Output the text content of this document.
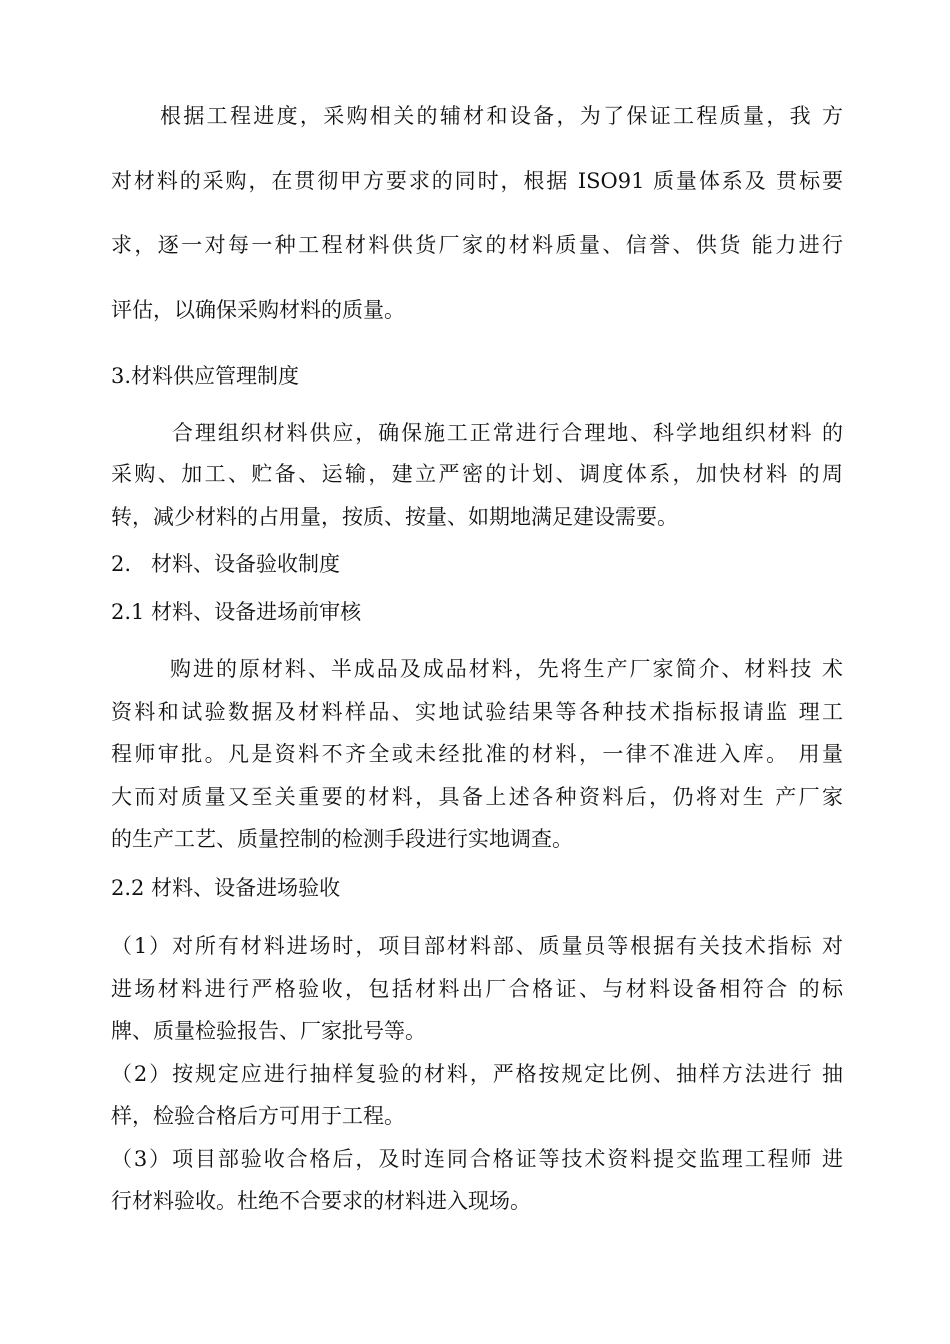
根据工程进度，采购相关的辅材和设备，为了保证工程质量，我 方
对材料的采购，在贯彻甲方要求的同时，根据 ISO91 质量体系及 贯标要
求，逐一对每一种工程材料供货厂家的材料质量、信誉、供货 能力进行
评估，以确保采购材料的质量。
3.材料供应管理制度
合理组织材料供应，确保施工正常进行合理地、科学地组织材料 的
采购、加工、贮备、运输，建立严密的计划、调度体系，加快材料 的周
转，减少材料的占用量，按质、按量、如期地满足建设需要。
2.   材料、设备验收制度
2.1 材料、设备进场前审核
购进的原材料、半成品及成品材料，先将生产厂家简介、材料技 术
资料和试验数据及材料样品、实地试验结果等各种技术指标报请监 理工
程师审批。凡是资料不齐全或未经批准的材料，一律不准进入库。 用量
大而对质量又至关重要的材料，具备上述各种资料后，仍将对生 产厂家
的生产工艺、质量控制的检测手段进行实地调查。
2.2 材料、设备进场验收
（1）对所有材料进场时，项目部材料部、质量员等根据有关技术指标 对
进场材料进行严格验收，包括材料出厂合格证、与材料设备相符合 的标
牌、质量检验报告、厂家批号等。
（2）按规定应进行抽样复验的材料，严格按规定比例、抽样方法进行 抽
样，检验合格后方可用于工程。
（3）项目部验收合格后，及时连同合格证等技术资料提交监理工程师 进
行材料验收。杜绝不合要求的材料进入现场。
